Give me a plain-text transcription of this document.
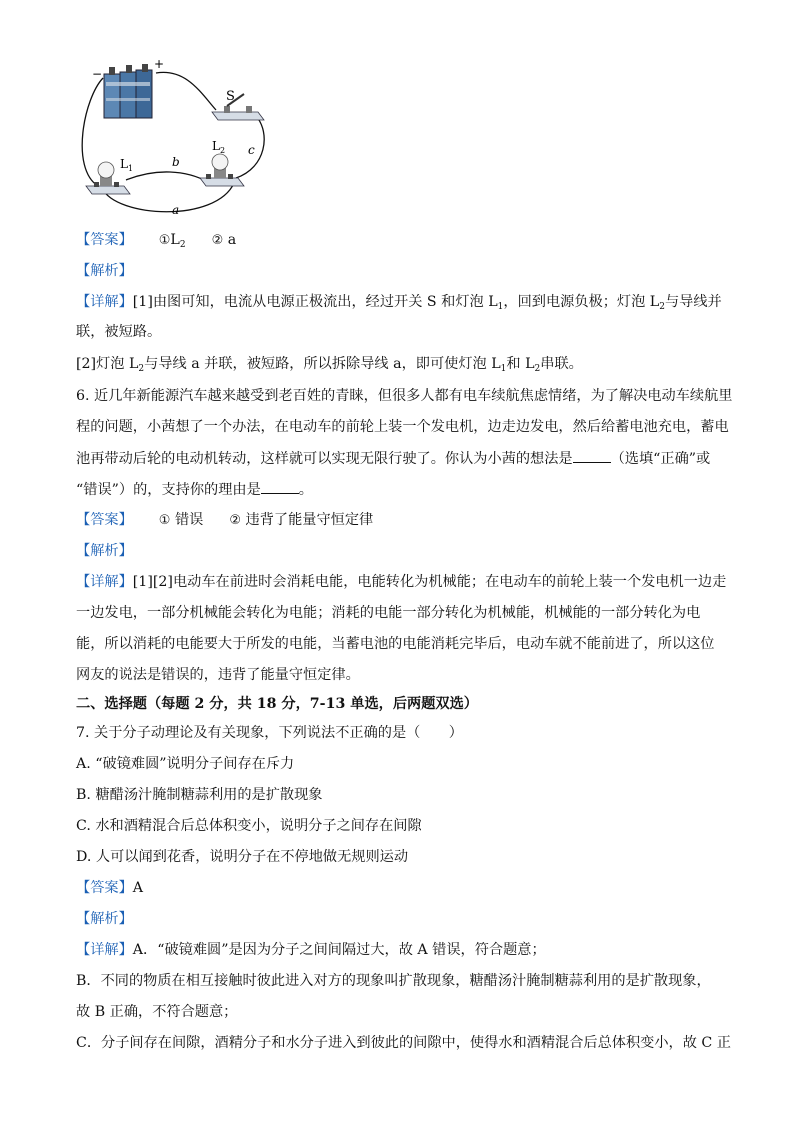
−
+
S
c
$L_1$	b
$L_2$
a
【答案】 $①L_2$ ② a
【解析】
【详解】[1]由图可知，电流从电源正极流出，经过开关 S 和灯泡 $L_1$，回到电源负极；灯泡 $L_2$与导线并
联，被短路。
[2]灯泡 $L_2$与导线 a 并联，被短路，所以拆除导线 a，即可使灯泡 $L_1$和 $L_2$串联。
6. 近几年新能源汽车越来越受到老百姓的青睐，但很多人都有电车续航焦虑情绪，为了解决电动车续航里
程的问题，小茜想了一个办法，在电动车的前轮上装一个发电机，边走边发电，然后给蓄电池充电，蓄电
池再带动后轮的电动机转动，这样就可以实现无限行驶了。你认为小茜的想法是	（选填“正确”或
“错误”）的，支持你的理由是	。
【答案】 ① 错误 ② 违背了能量守恒定律
【解析】
【详解】[1][2]电动车在前进时会消耗电能，电能转化为机械能；在电动车的前轮上装一个发电机一边走
一边发电，一部分机械能会转化为电能；消耗的电能一部分转化为机械能，机械能的一部分转化为电
能，所以消耗的电能要大于所发的电能，当蓄电池的电能消耗完毕后，电动车就不能前进了，所以这位
网友的说法是错误的，违背了能量守恒定律。
二、选择题（每题 2 分，共 18 分，7-13 单选，后两题双选）
7. 关于分子动理论及有关现象，下列说法不正确的是（　　）
A. “破镜难圆”说明分子间存在斥力
B. 糖醋汤汁腌制糖蒜利用的是扩散现象
C. 水和酒精混合后总体积变小，说明分子之间存在间隙
D. 人可以闻到花香，说明分子在不停地做无规则运动
【答案】A
【解析】
【详解】A．“破镜难圆”是因为分子之间间隔过大，故 A 错误，符合题意；
B．不同的物质在相互接触时彼此进入对方的现象叫扩散现象，糖醋汤汁腌制糖蒜利用的是扩散现象，
故 B 正确，不符合题意；
C．分子间存在间隙，酒精分子和水分子进入到彼此的间隙中，使得水和酒精混合后总体积变小，故 C 正
